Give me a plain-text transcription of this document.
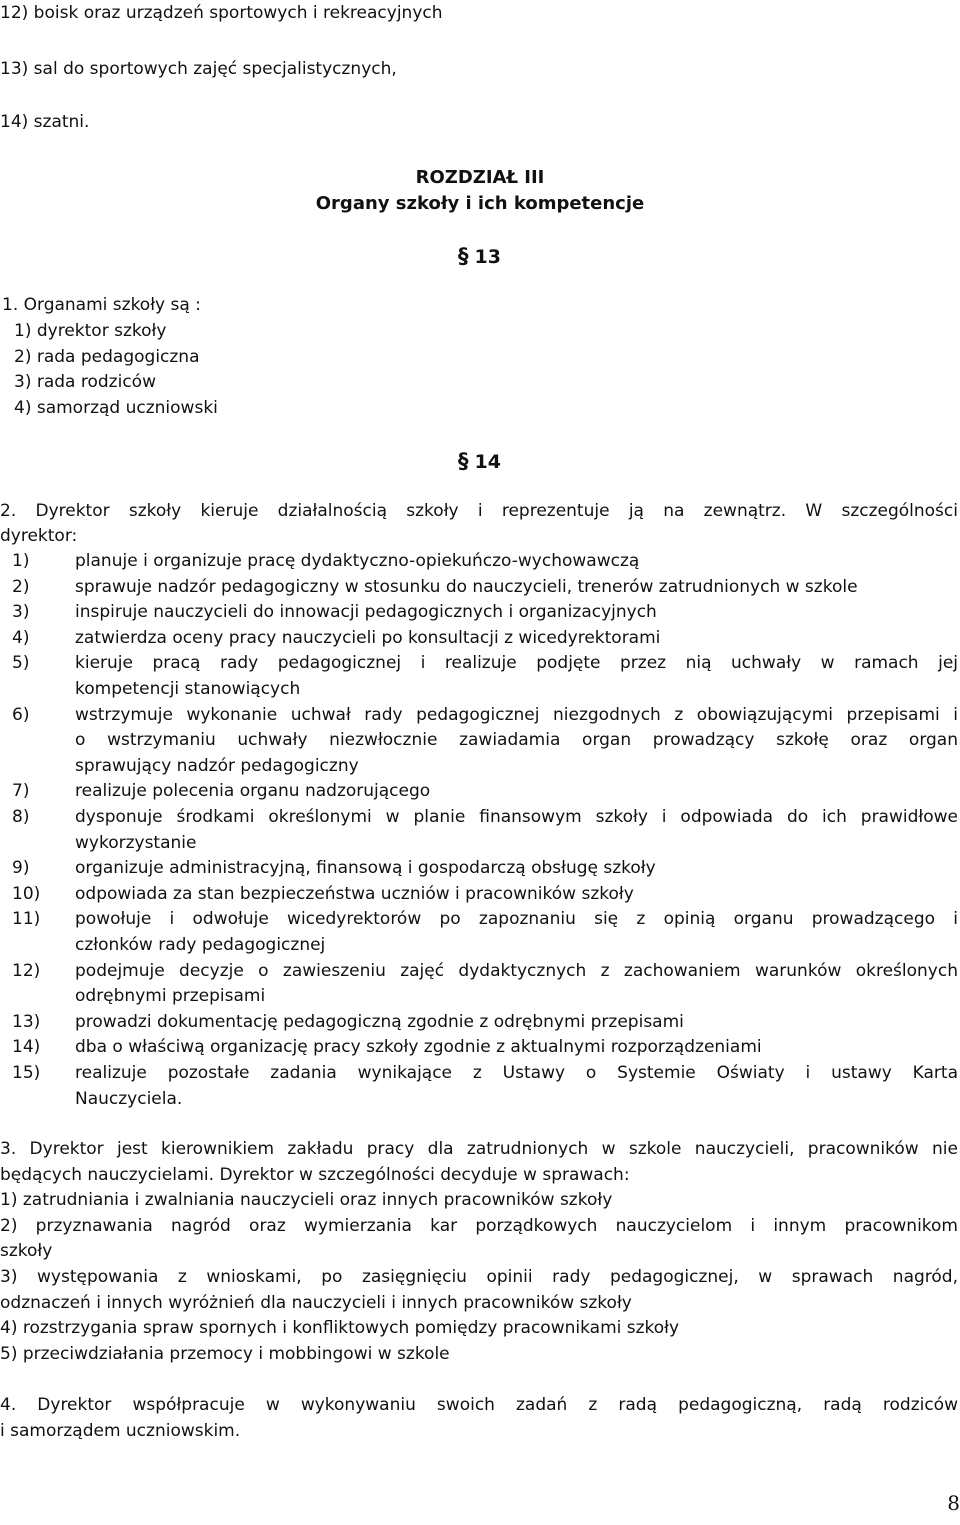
12) boisk oraz urządzeń sportowych i rekreacyjnych
13) sal do sportowych zajęć specjalistycznych,
14) szatni.
ROZDZIAŁ III
Organy szkoły i ich kompetencje
§ 13
1. Organami szkoły są :
1) dyrektor szkoły
2) rada pedagogiczna
3) rada rodziców
4) samorząd uczniowski
§ 14
2. Dyrektor szkoły kieruje działalnością szkoły i reprezentuje ją na zewnątrz. W szczególności
dyrektor:
1)	planuje i organizuje pracę dydaktyczno-opiekuńczo-wychowawczą
2)	sprawuje nadzór pedagogiczny w stosunku do nauczycieli, trenerów zatrudnionych w szkole
3)	inspiruje nauczycieli do innowacji pedagogicznych i organizacyjnych
4)	zatwierdza oceny pracy nauczycieli po konsultacji z wicedyrektorami
5)	kieruje pracą rady pedagogicznej i realizuje podjęte przez nią uchwały w ramach jej
kompetencji stanowiących
6)	wstrzymuje wykonanie uchwał rady pedagogicznej niezgodnych z obowiązującymi przepisami i
o wstrzymaniu uchwały niezwłocznie zawiadamia organ prowadzący szkołę oraz organ
sprawujący nadzór pedagogiczny
7)	realizuje polecenia organu nadzorującego
8)	dysponuje środkami określonymi w planie finansowym szkoły i odpowiada do ich prawidłowe
wykorzystanie
9)	organizuje administracyjną, finansową i gospodarczą obsługę szkoły
10) odpowiada za stan bezpieczeństwa uczniów i pracowników szkoły
11) powołuje i odwołuje wicedyrektorów po zapoznaniu się z opinią organu prowadzącego i
członków rady pedagogicznej
12) podejmuje decyzje o zawieszeniu zajęć dydaktycznych z zachowaniem warunków określonych
odrębnymi przepisami
13) prowadzi dokumentację pedagogiczną zgodnie z odrębnymi przepisami
14) dba o właściwą organizację pracy szkoły zgodnie z aktualnymi rozporządzeniami
15) realizuje pozostałe zadania wynikające z Ustawy o Systemie Oświaty i ustawy Karta
Nauczyciela.
3. Dyrektor jest kierownikiem zakładu pracy dla zatrudnionych w szkole nauczycieli, pracowników nie
będących nauczycielami. Dyrektor w szczególności decyduje w sprawach:
1) zatrudniania i zwalniania nauczycieli oraz innych pracowników szkoły
2) przyznawania nagród oraz wymierzania kar porządkowych nauczycielom i innym pracownikom
szkoły
3) występowania z wnioskami, po zasięgnięciu opinii rady pedagogicznej, w sprawach nagród,
odznaczeń i innych wyróżnień dla nauczycieli i innych pracowników szkoły
4) rozstrzygania spraw spornych i konfliktowych pomiędzy pracownikami szkoły
5) przeciwdziałania przemocy i mobbingowi w szkole
4. Dyrektor współpracuje w wykonywaniu swoich zadań z radą pedagogiczną, radą rodziców
i samorządem uczniowskim.
8
